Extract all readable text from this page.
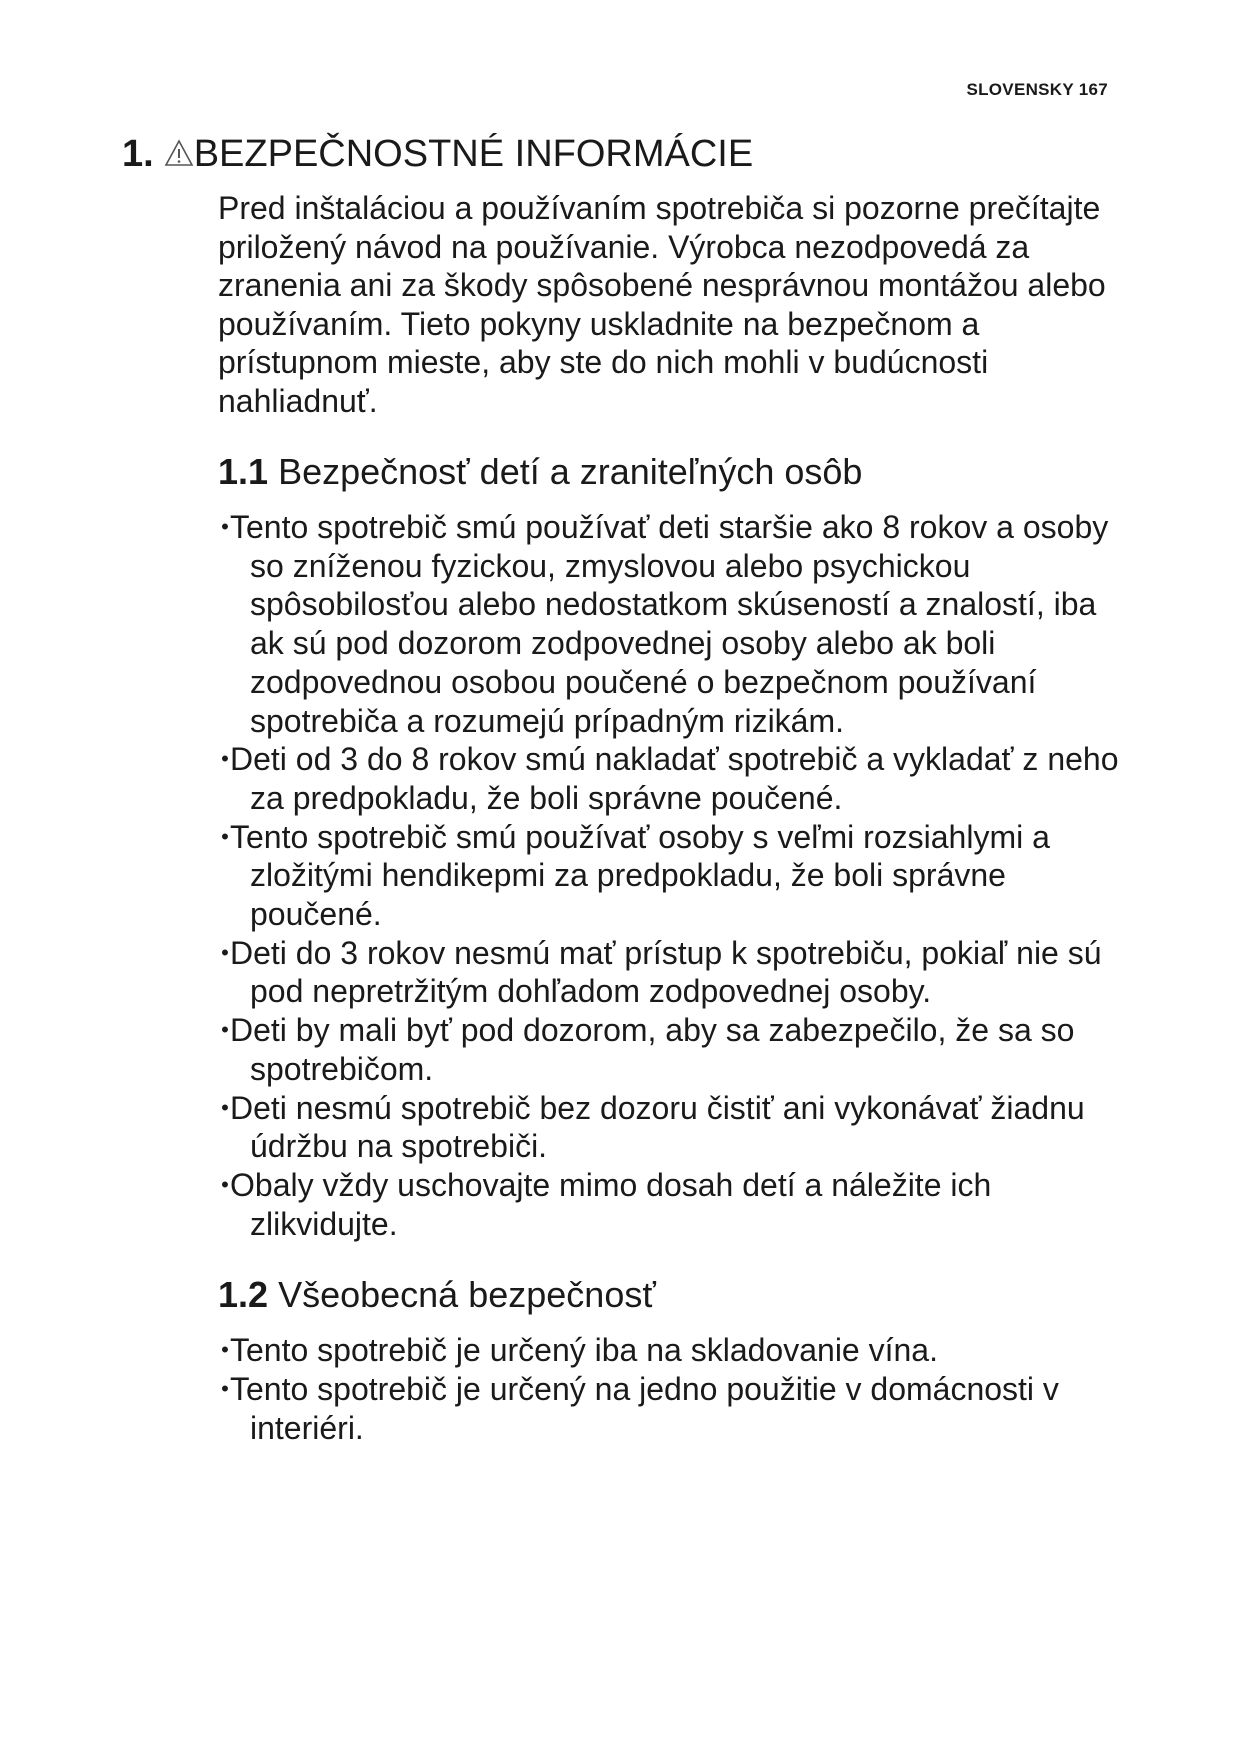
SLOVENSKY 167
1. BEZPEČNOSTNÉ INFORMÁCIE

Pred inštaláciou a používaním spotrebiča si pozorne prečítajte priložený návod na používanie. Výrobca nezodpovedá za zranenia ani za škody spôsobené nesprávnou montážou alebo používaním. Tieto pokyny uskladnite na bezpečnom a prístupnom mieste, aby ste do nich mohli v budúcnosti nahliadnuť.

1.1 Bezpečnosť detí a zraniteľných osôb
• Tento spotrebič smú používať deti staršie ako 8 rokov a osoby so zníženou fyzickou, zmyslovou alebo psychickou spôsobilosťou alebo nedostatkom skúseností a znalostí, iba ak sú pod dozorom zodpovednej osoby alebo ak boli zodpovednou osobou poučené o bezpečnom používaní spotrebiča a rozumejú prípadným rizikám.
• Deti od 3 do 8 rokov smú nakladať spotrebič a vykladať z neho za predpokladu, že boli správne poučené.
• Tento spotrebič smú používať osoby s veľmi rozsiahlymi a zložitými hendikepmi za predpokladu, že boli správne poučené.
• Deti do 3 rokov nesmú mať prístup k spotrebiču, pokiaľ nie sú pod nepretržitým dohľadom zodpovednej osoby.
• Deti by mali byť pod dozorom, aby sa zabezpečilo, že sa so spotrebičom.
• Deti nesmú spotrebič bez dozoru čistiť ani vykonávať žiadnu údržbu na spotrebiči.
• Obaly vždy uschovajte mimo dosah detí a náležite ich zlikvidujte.
1.2 Všeobecná bezpečnosť
• Tento spotrebič je určený iba na skladovanie vína.
• Tento spotrebič je určený na jedno použitie v domácnosti v interiéri.
